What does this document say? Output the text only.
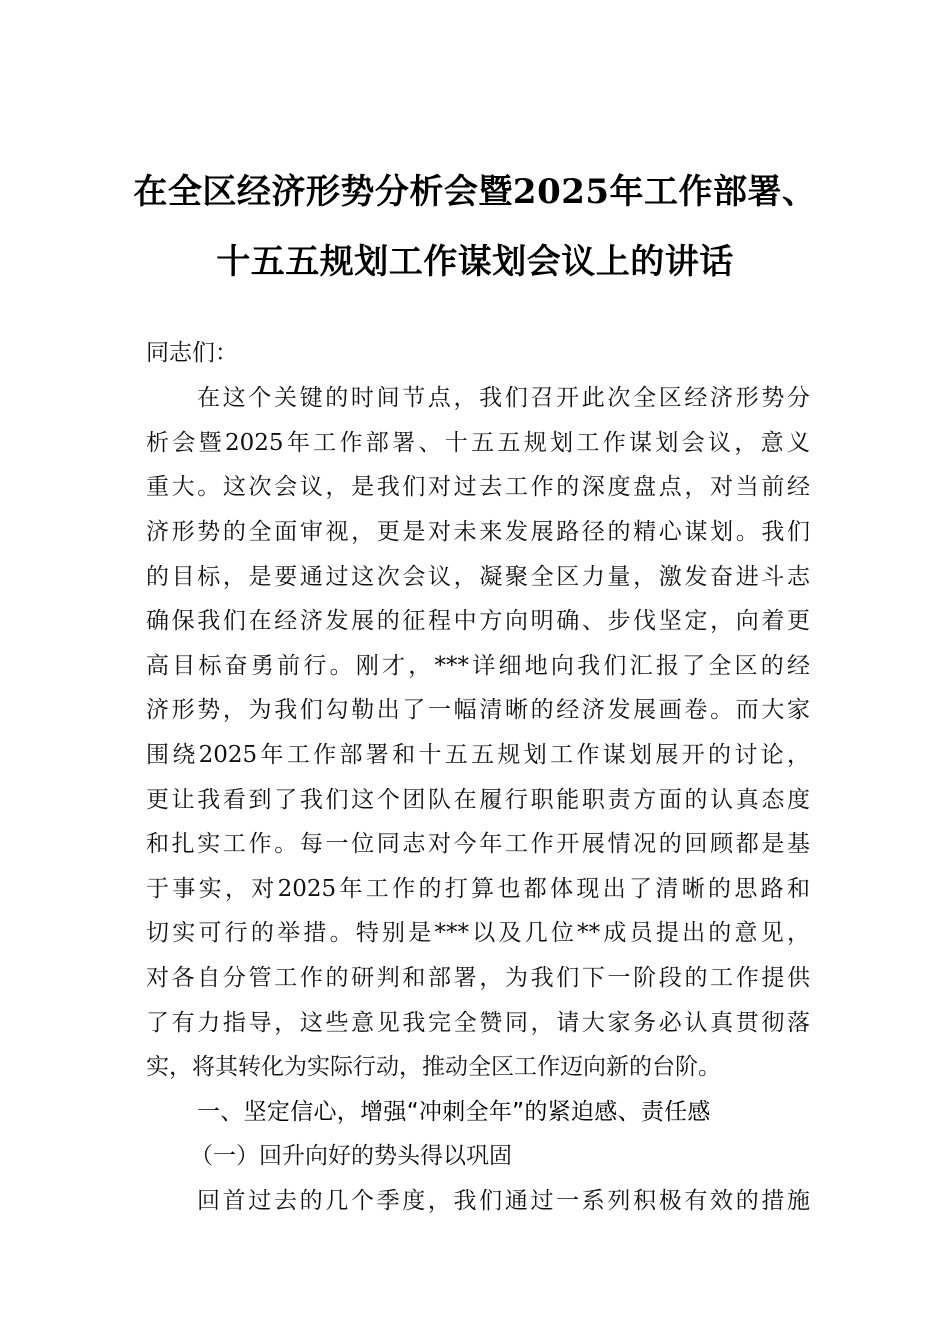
在全区经济形势分析会暨2025年工作部署、
十五五规划工作谋划会议上的讲话
同志们：
在这个关键的时间节点，我们召开此次全区经济形势分
析会暨2025年工作部署、十五五规划工作谋划会议，意义
重大。这次会议，是我们对过去工作的深度盘点，对当前经
济形势的全面审视，更是对未来发展路径的精心谋划。我们
的目标，是要通过这次会议，凝聚全区力量，激发奋进斗志
确保我们在经济发展的征程中方向明确、步伐坚定，向着更
高目标奋勇前行。刚才，***详细地向我们汇报了全区的经
济形势，为我们勾勒出了一幅清晰的经济发展画卷。而大家
围绕2025年工作部署和十五五规划工作谋划展开的讨论，
更让我看到了我们这个团队在履行职能职责方面的认真态度
和扎实工作。每一位同志对今年工作开展情况的回顾都是基
于事实，对2025年工作的打算也都体现出了清晰的思路和
切实可行的举措。特别是***以及几位**成员提出的意见，
对各自分管工作的研判和部署，为我们下一阶段的工作提供
了有力指导，这些意见我完全赞同，请大家务必认真贯彻落
实，将其转化为实际行动，推动全区工作迈向新的台阶。
一、坚定信心，增强“冲刺全年”的紧迫感、责任感
（一）回升向好的势头得以巩固
回首过去的几个季度，我们通过一系列积极有效的措施
